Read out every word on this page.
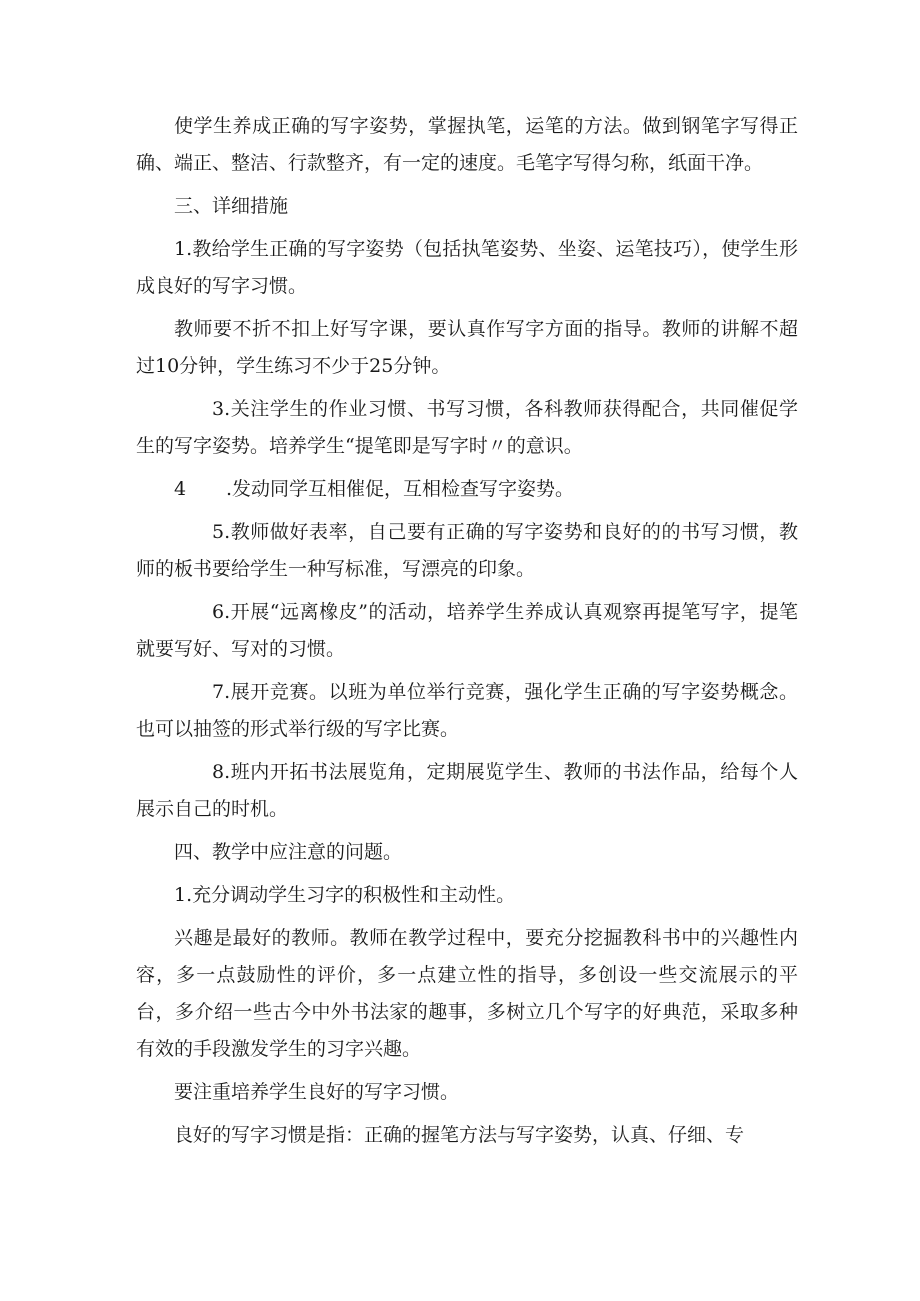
使学生养成正确的写字姿势，掌握执笔，运笔的方法。做到钢笔字写得正确、端正、整洁、行款整齐，有一定的速度。毛笔字写得匀称，纸面干净。

三、详细措施

1.教给学生正确的写字姿势（包括执笔姿势、坐姿、运笔技巧），使学生形成良好的写字习惯。

教师要不折不扣上好写字课，要认真作写字方面的指导。教师的讲解不超过10分钟，学生练习不少于25分钟。

3.关注学生的作业习惯、书写习惯，各科教师获得配合，共同催促学生的写字姿势。培养学生“提笔即是写字时〃的意识。

4 .发动同学互相催促，互相检查写字姿势。

5.教师做好表率，自己要有正确的写字姿势和良好的的书写习惯，教师的板书要给学生一种写标准，写漂亮的印象。

6.开展“远离橡皮”的活动，培养学生养成认真观察再提笔写字，提笔就要写好、写对的习惯。

7.展开竞赛。以班为单位举行竞赛，强化学生正确的写字姿势概念。也可以抽签的形式举行级的写字比赛。

8.班内开拓书法展览角，定期展览学生、教师的书法作品，给每个人展示自己的时机。

四、教学中应注意的问题。

1.充分调动学生习字的积极性和主动性。

兴趣是最好的教师。教师在教学过程中，要充分挖掘教科书中的兴趣性内容，多一点鼓励性的评价，多一点建立性的指导，多创设一些交流展示的平台，多介绍一些古今中外书法家的趣事，多树立几个写字的好典范，采取多种有效的手段激发学生的习字兴趣。

要注重培养学生良好的写字习惯。

良好的写字习惯是指：正确的握笔方法与写字姿势，认真、仔细、专
